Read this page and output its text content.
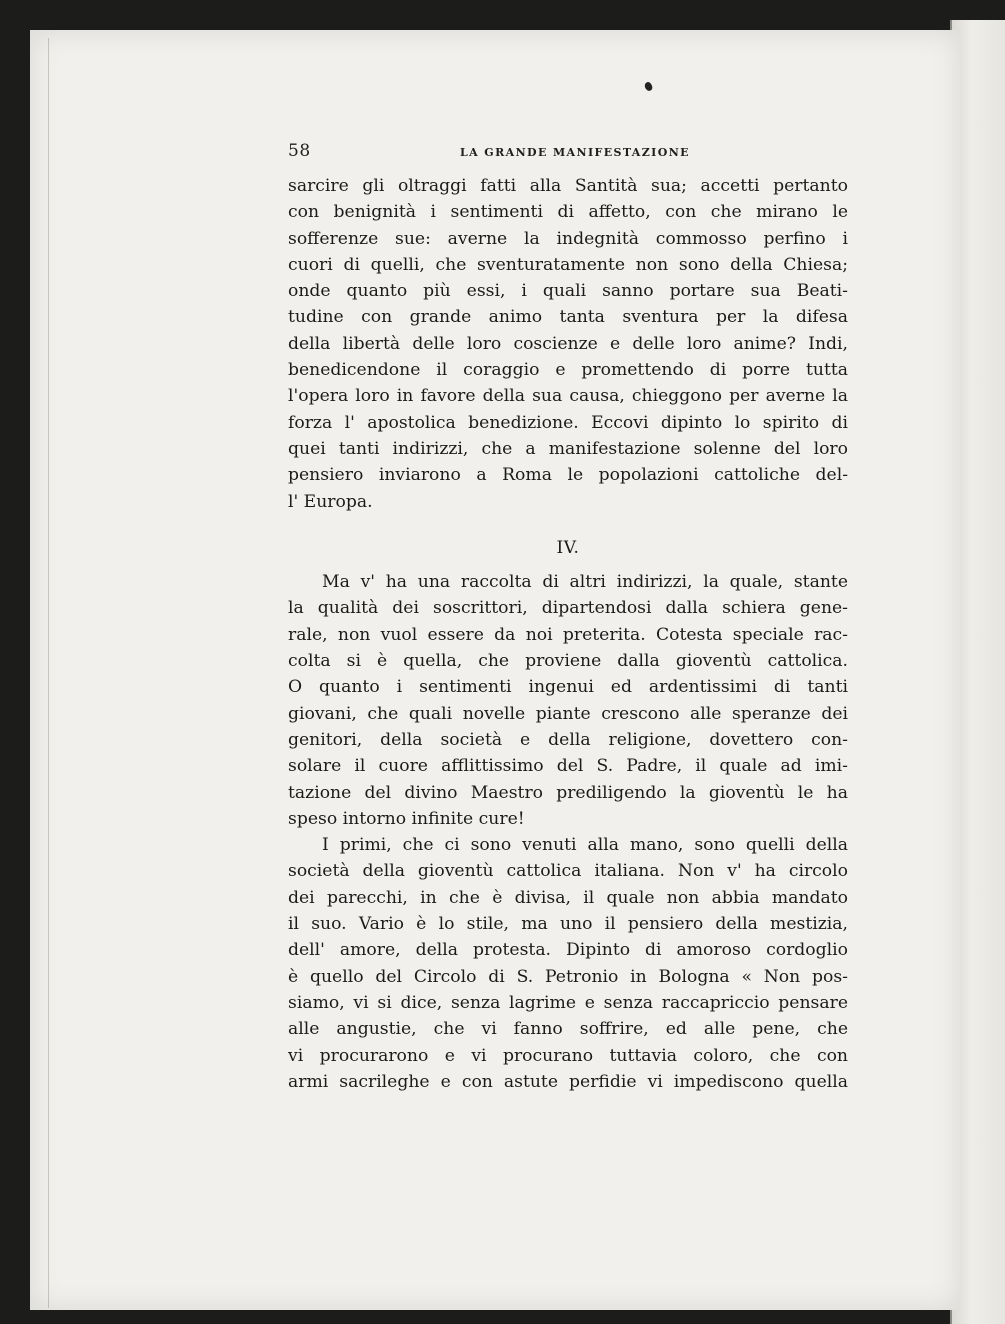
58	LA GRANDE MANIFESTAZIONE
sarcire gli oltraggi fatti alla Santità sua; accetti pertanto
con benignità i sentimenti di affetto, con che mirano le
sofferenze sue: averne la indegnità commosso perfino i
cuori di quelli, che sventuratamente non sono della Chiesa;
onde quanto più essi, i quali sanno portare sua Beati-
tudine con grande animo tanta sventura per la difesa
della libertà delle loro coscienze e delle loro anime? Indi,
benedicendone il coraggio e promettendo di porre tutta
l'opera loro in favore della sua causa, chieggono per averne la
forza l' apostolica benedizione. Eccovi dipinto lo spirito di
quei tanti indirizzi, che a manifestazione solenne del loro
pensiero inviarono a Roma le popolazioni cattoliche del-
l' Europa.
IV.
Ma v' ha una raccolta di altri indirizzi, la quale, stante
la qualità dei soscrittori, dipartendosi dalla schiera gene-
rale, non vuol essere da noi preterita. Cotesta speciale rac-
colta si è quella, che proviene dalla gioventù cattolica.
O quanto i sentimenti ingenui ed ardentissimi di tanti
giovani, che quali novelle piante crescono alle speranze dei
genitori, della società e della religione, dovettero con-
solare il cuore afflittissimo del S. Padre, il quale ad imi-
tazione del divino Maestro prediligendo la gioventù le ha
speso intorno infinite cure!
I primi, che ci sono venuti alla mano, sono quelli della
società della gioventù cattolica italiana. Non v' ha circolo
dei parecchi, in che è divisa, il quale non abbia mandato
il suo. Vario è lo stile, ma uno il pensiero della mestizia,
dell' amore, della protesta. Dipinto di amoroso cordoglio
è quello del Circolo di S. Petronio in Bologna « Non pos-
siamo, vi si dice, senza lagrime e senza raccapriccio pensare
alle angustie, che vi fanno soffrire, ed alle pene, che
vi procurarono e vi procurano tuttavia coloro, che con
armi sacrileghe e con astute perfidie vi impediscono quella
